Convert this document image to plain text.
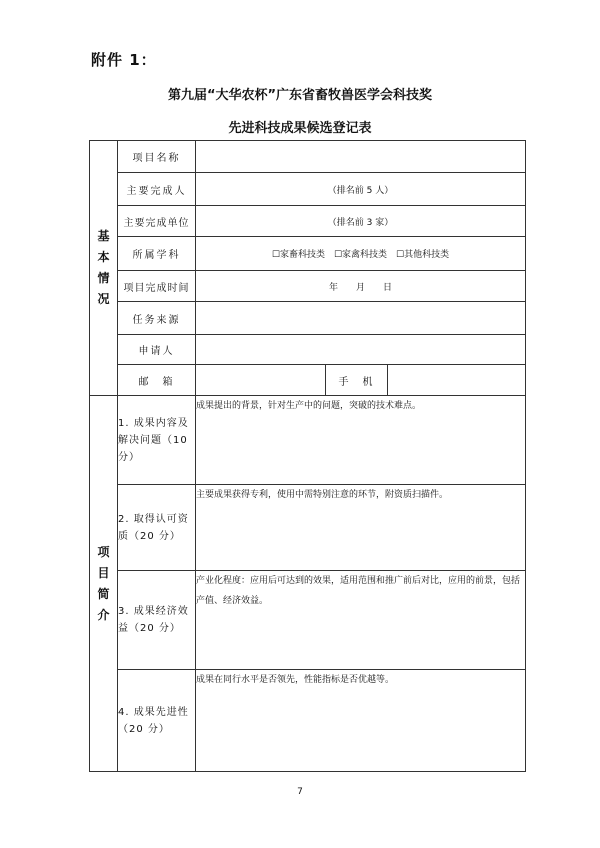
附件 1：
第九届“大华农杯”广东省畜牧兽医学会科技奖
先进科技成果候选登记表
基本情况	项目名称			
	主要完成人	（排名前 5 人）		
	主要完成单位	（排名前 3 家）		
	所属学科	☐家畜科技类　☐家禽科技类　☐其他科技类		
	项目完成时间	年　　月　　日		
	任务来源			
	申请人			
	邮　箱		手　机	

项目简介	1. 成果内容及解决问题（10 分）	成果提出的背景，针对生产中的问题，突破的技术难点。		
	2. 取得认可资质（20 分）	主要成果获得专利，使用中需特别注意的环节，附资质扫描件。		
	3. 成果经济效益（20 分）	产业化程度：应用后可达到的效果，适用范围和推广前后对比，应用的前景，包括产值、经济效益。		
	4. 成果先进性（20 分）	成果在同行水平是否领先，性能指标是否优越等。		
7
